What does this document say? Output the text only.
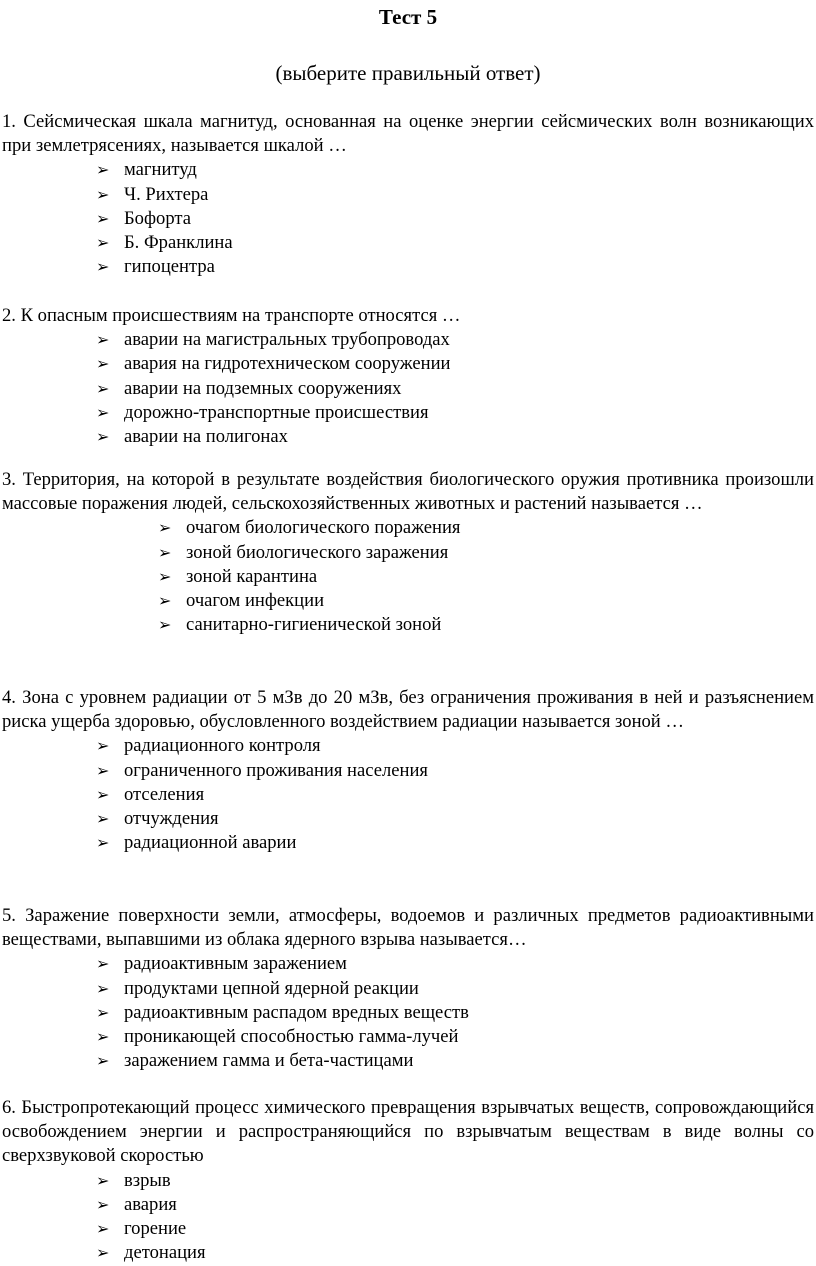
Тест 5
(выберите правильный ответ)

1. Сейсмическая шкала магнитуд, основанная на оценке энергии сейсмических волн возникающих при землетрясениях, называется шкалой …

➢ магнитуд
➢ Ч. Рихтера
➢ Бофорта
➢ Б. Франклина
➢ гипоцентра

2. К опасным происшествиям на транспорте относятся …

➢ аварии на магистральных трубопроводах
➢ авария на гидротехническом сооружении
➢ аварии на подземных сооружениях
➢ дорожно-транспортные происшествия
➢ аварии на полигонах

3. Территория, на которой в результате воздействия биологического оружия противника произошли массовые поражения людей, сельскохозяйственных животных и растений называется …

➢ очагом биологического поражения
➢ зоной биологического заражения
➢ зоной карантина
➢ очагом инфекции
➢ санитарно-гигиенической зоной

4. Зона с уровнем радиации от 5 мЗв до 20 мЗв, без ограничения проживания в ней и разъяснением риска ущерба здоровью, обусловленного воздействием радиации называется зоной …

➢ радиационного контроля
➢ ограниченного проживания населения
➢ отселения
➢ отчуждения
➢ радиационной аварии

5. Заражение поверхности земли, атмосферы, водоемов и различных предметов радиоактивными веществами, выпавшими из облака ядерного взрыва называется…

➢ радиоактивным заражением
➢ продуктами цепной ядерной реакции
➢ радиоактивным распадом вредных веществ
➢ проникающей способностью гамма-лучей
➢ заражением гамма и бета-частицами

6. Быстропротекающий процесс химического превращения взрывчатых веществ, сопровождающийся освобождением энергии и распространяющийся по взрывчатым веществам в виде волны со сверхзвуковой скоростью

➢ взрыв
➢ авария
➢ горение
➢ детонация
